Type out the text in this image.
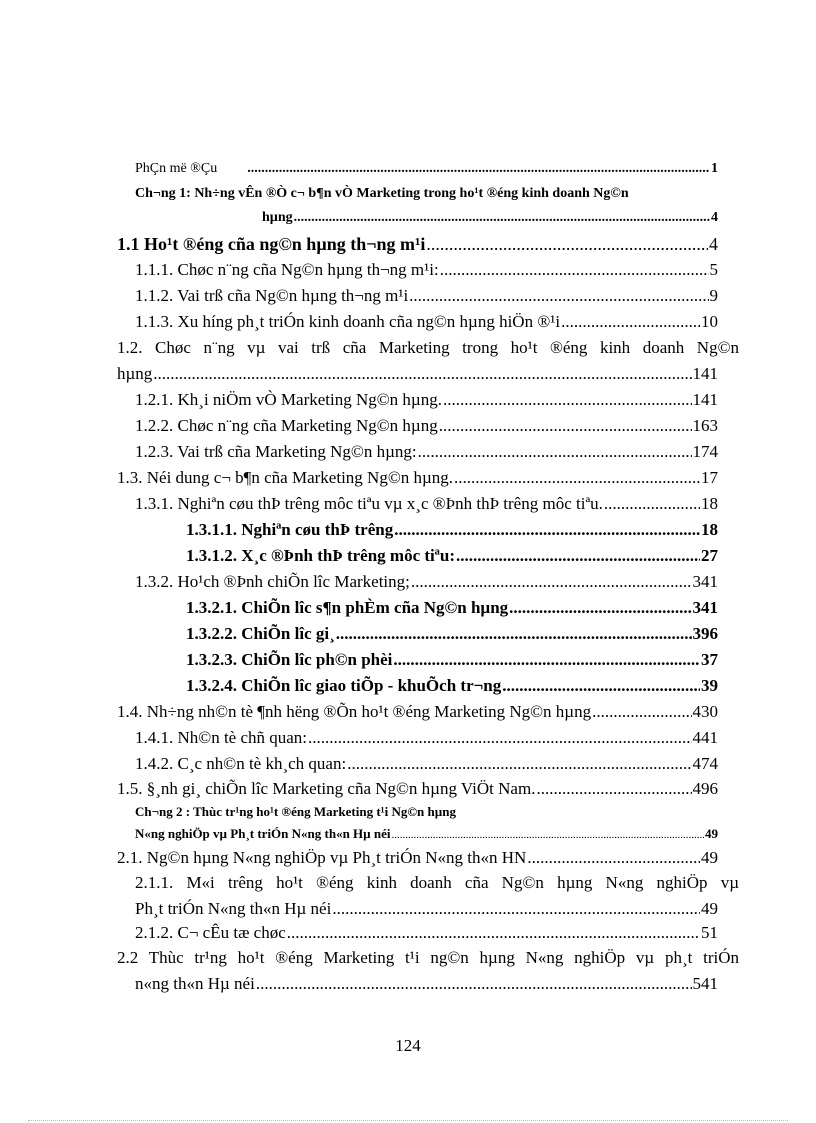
PhÇn më ®Çu .....	1
Ch¬ng 1: Nh÷ng vÊn ®Ò c¬ b¶n vÒ Marketing trong ho¹t ®éng kinh doanh Ng©n
hµng .....	4
1.1 Ho¹t ®éng cña ng©n hµng th¬ng m¹i .....	4
1.1.1. Chøc n¨ng cña Ng©n hµng th¬ng m¹i: .....	5
1.1.2. Vai trß cña Ng©n hµng th¬ng m¹i .....	9
1.1.3. Xu híng ph¸t triÓn kinh doanh cña ng©n hµng hiÖn ®¹i .....	10
1.2. Chøc n¨ng vµ vai trß cña Marketing trong ho¹t ®éng kinh doanh Ng©n
hµng .....	141
1.2.1. Kh¸i niÖm vÒ Marketing Ng©n hµng. .....	141
1.2.2. Chøc n¨ng cña Marketing Ng©n hµng .....	163
1.2.3. Vai trß cña Marketing Ng©n hµng: .....	174
1.3. Néi dung c¬ b¶n cña Marketing Ng©n hµng. .....	17
1.3.1. Nghiªn cøu thÞ trêng môc tiªu vµ x¸c ®Þnh thÞ trêng môc tiªu. .....	18
1.3.1.1. Nghiªn cøu thÞ trêng .....	18
1.3.1.2. X¸c ®Þnh thÞ trêng môc tiªu: .....	27
1.3.2. Ho¹ch ®Þnh chiÕn lîc Marketing; .....	341
1.3.2.1. ChiÕn lîc s¶n phÈm cña Ng©n hµng .....	341
1.3.2.2. ChiÕn lîc gi¸ .....	396
1.3.2.3. ChiÕn lîc ph©n phèi .....	37
1.3.2.4. ChiÕn lîc giao tiÕp - khuÕch tr¬ng .....	39
1.4. Nh÷ng nh©n tè ¶nh hëng ®Õn ho¹t ®éng Marketing Ng©n hµng .....	430
1.4.1. Nh©n tè chñ quan: .....	441
1.4.2. C¸c nh©n tè kh¸ch quan: .....	474
1.5. §¸nh gi¸ chiÕn lîc Marketing cña Ng©n hµng ViÖt Nam. .....	496
Ch¬ng 2 : Thùc tr¹ng ho¹t ®éng Marketing t¹i Ng©n hµng
N«ng nghiÖp vµ Ph¸t triÓn N«ng th«n Hµ néi .....	49
2.1. Ng©n hµng N«ng nghiÖp vµ Ph¸t triÓn N«ng th«n HN .....	49
2.1.1. M«i trêng ho¹t ®éng kinh doanh cña Ng©n hµng N«ng nghiÖp vµ
Ph¸t triÓn N«ng th«n Hµ néi .....	49
2.1.2. C¬ cÊu tæ chøc .....	51
2.2 Thùc tr¹ng ho¹t ®éng Marketing t¹i ng©n hµng N«ng nghiÖp vµ ph¸t triÓn
n«ng th«n Hµ néi .....	541
124
